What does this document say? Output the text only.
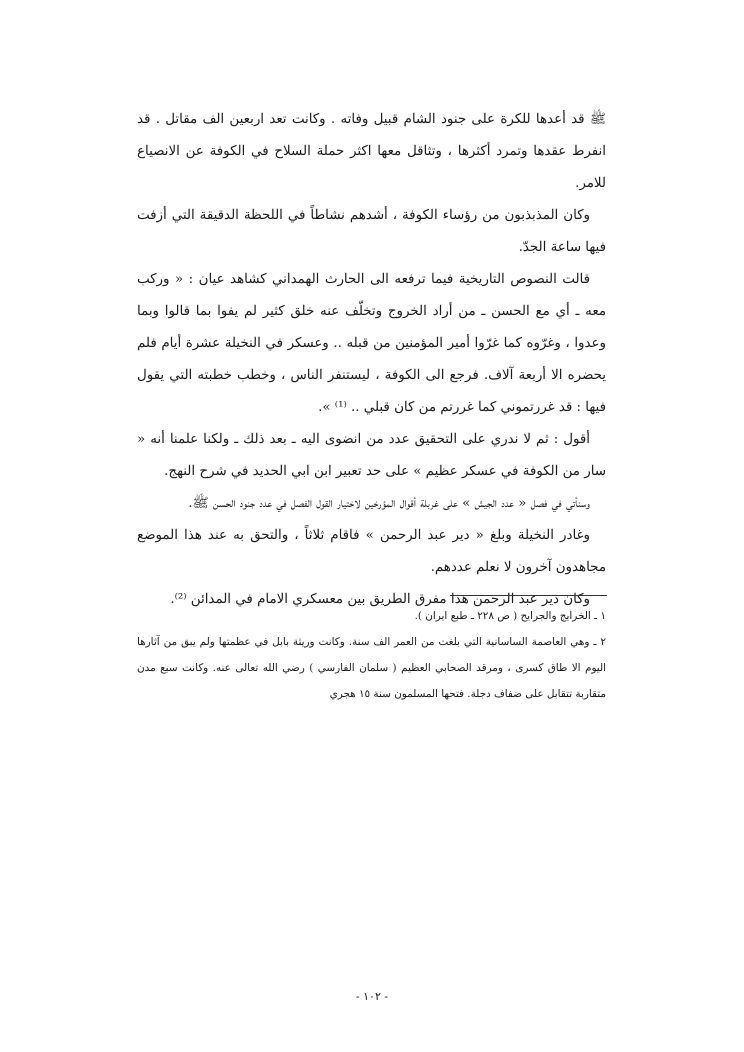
ﷺ قد أعدها للكرة على جنود الشام قبيل وفاته . وكانت تعد اربعين الف مقاتل . قد انفرط عقدها وتمرد أكثرها ، وتثاقل معها اكثر حملة السلاح في الكوفة عن الانصياع للامر.

وكان المذبذبون من رؤساء الكوفة ، أشدهم نشاطاً في اللحظة الدقيقة التي أزفت فيها ساعة الجدّ.

قالت النصوص التاريخية فيما ترفعه الى الحارث الهمداني كشاهد عيان : « وركب معه ـ أي مع الحسن ـ من أراد الخروج وتخلّف عنه خلق كثير لم يفوا بما قالوا وبما وعدوا ، وغرّوه كما غرّوا أمير المؤمنين من قبله .. وعسكر في النخيلة عشرة أيام فلم يحضره الا أربعة آلاف. فرجع الى الكوفة ، ليستنفر الناس ، وخطب خطبته التي يقول فيها : قد غررتموني كما غررتم من كان قبلي .. ⁽¹⁾ ».

أقول : ثم لا ندري على التحقيق عدد من انضوى اليه ـ بعد ذلك ـ ولكنا علمنا أنه « سار من الكوفة في عسكر عظيم » على حد تعبير ابن ابي الحديد في شرح النهج.

وسنأتي في فصل « عدد الجيش » على غربلة أقوال المؤرخين لاختيار القول الفصل في عدد جنود الحسن ﷺ.

وغادر النخيلة وبلغ « دير عبد الرحمن » فاقام ثلاثاً ، والتحق به عند هذا الموضع مجاهدون آخرون لا نعلم عددهم.

وكان دير عبد الرحمن هذا مفرق الطريق بين معسكري الامام في المدائن ⁽²⁾.

١ ـ الخرايج والجرايح ( ص ٢٢٨ ـ طبع ايران ).

٢ ـ وهي العاصمة الساسانية التي بلغت من العمر الف سنة. وكانت وريثة بابل في عظمتها ولم يبق من آثارها اليوم الا طاق كسرى ، ومرقد الصحابي العظيم ( سلمان الفارسي ) رضي الله تعالى عنه. وكانت سبع مدن متقاربة تتقابل على ضفاف دجلة. فتحها المسلمون سنة ١٥ هجري

- ١٠٢ -
